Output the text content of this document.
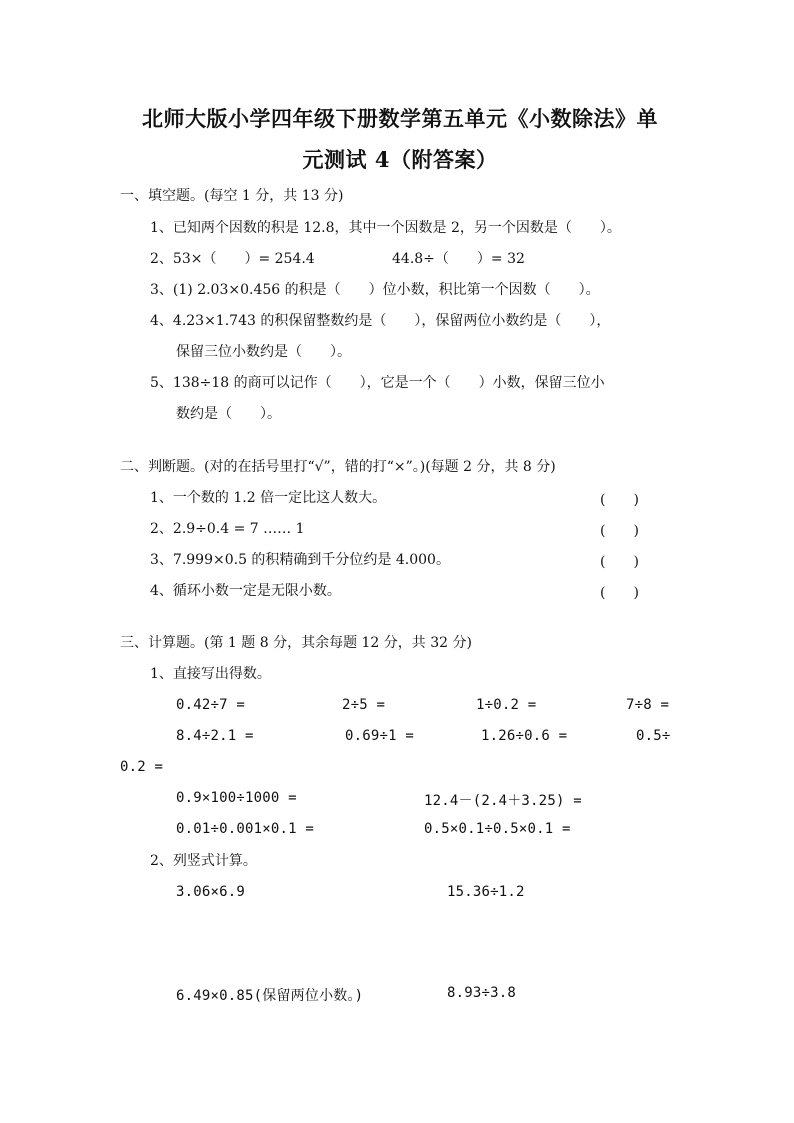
北师大版小学四年级下册数学第五单元《小数除法》单
元测试 4（附答案）
一、填空题。(每空 1 分，共 13 分)
1、已知两个因数的积是 12.8，其中一个因数是 2，另一个因数是（　　）。
2、53×（　　）= 254.4	44.8÷（　　）= 32
3、(1) 2.03×0.456 的积是（　　）位小数，积比第一个因数（　　）。
4、4.23×1.743 的积保留整数约是（　　），保留两位小数约是（　　），
保留三位小数约是（　　）。
5、138÷18 的商可以记作（　　），它是一个（　　）小数，保留三位小
数约是（　　）。
二、判断题。(对的在括号里打“√”，错的打“×”。)(每题 2 分，共 8 分)
1、一个数的 1.2 倍一定比这人数大。	(　　)
2、2.9÷0.4 = 7 …… 1	(　　)
3、7.999×0.5 的积精确到千分位约是 4.000。	(　　)
4、循环小数一定是无限小数。	(　　)
三、计算题。(第 1 题 8 分，其余每题 12 分，共 32 分)
1、直接写出得数。
0.42÷7 =	2÷5 =	1÷0.2 =	7÷8 =
8.4÷2.1 =	0.69÷1 =	1.26÷0.6 =	0.5÷
0.2 =
0.9×100÷1000 =	12.4－(2.4＋3.25) =
0.01÷0.001×0.1 =	0.5×0.1÷0.5×0.1 =
2、列竖式计算。
3.06×6.9	15.36÷1.2
6.49×0.85(保留两位小数。)	8.93÷3.8
